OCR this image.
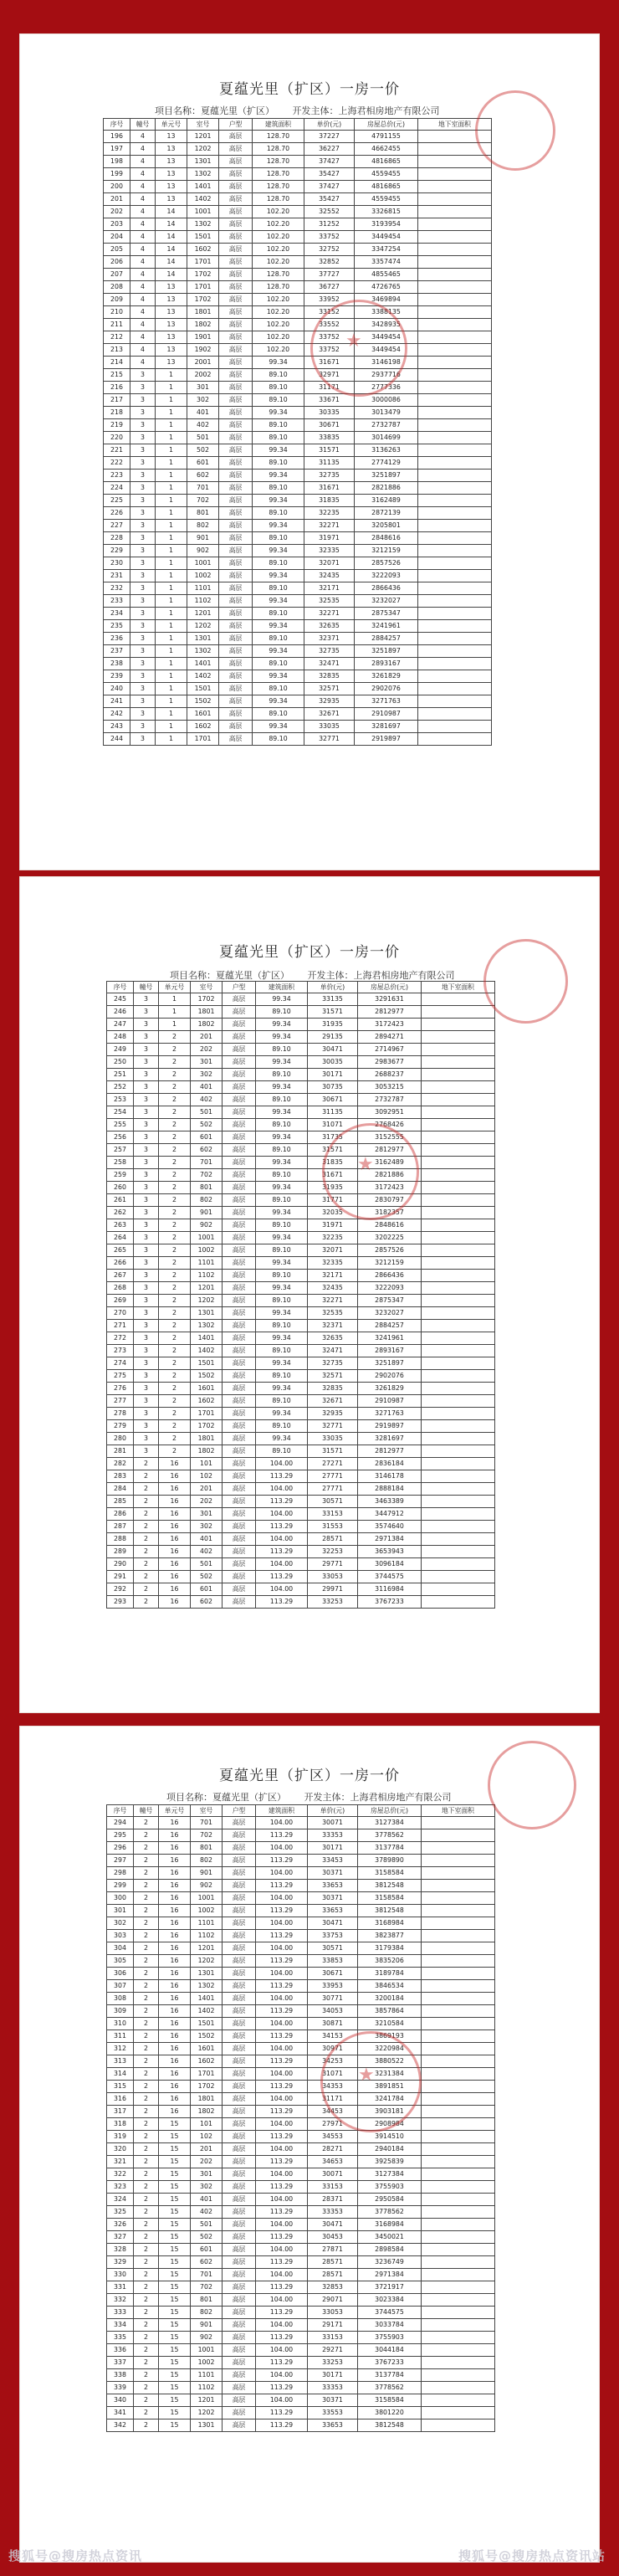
夏蕴光里（扩区）一房一价
项目名称：夏蕴光里（扩区） 开发主体：上海君相房地产有限公司
序号	幢号	单元号	室号	户型	建筑面积	单价(元)	房屋总价(元)	地下室面积
196	4	13	1201	高层	128.70	37227	4791155	
197	4	13	1202	高层	128.70	36227	4662455	
198	4	13	1301	高层	128.70	37427	4816865	
199	4	13	1302	高层	128.70	35427	4559455	
200	4	13	1401	高层	128.70	37427	4816865	
201	4	13	1402	高层	128.70	35427	4559455	
202	4	14	1001	高层	102.20	32552	3326815	
203	4	14	1302	高层	102.20	31252	3193954	
204	4	14	1501	高层	102.20	33752	3449454	
205	4	14	1602	高层	102.20	32752	3347254	
206	4	14	1701	高层	102.20	32852	3357474	
207	4	14	1702	高层	128.70	37727	4855465	
208	4	13	1701	高层	128.70	36727	4726765	
209	4	13	1702	高层	102.20	33952	3469894	
210	4	13	1801	高层	102.20	33152	3388135	
211	4	13	1802	高层	102.20	33552	3428935	
212	4	13	1901	高层	102.20	33752	3449454	
213	4	13	1902	高层	102.20	33752	3449454	
214	4	13	2001	高层	99.34	31671	3146198	
215	3	1	2002	高层	89.10	32971	2937716	
216	3	1	301	高层	89.10	31171	2777336	
217	3	1	302	高层	89.10	33671	3000086	
218	3	1	401	高层	99.34	30335	3013479	
219	3	1	402	高层	89.10	30671	2732787	
220	3	1	501	高层	89.10	33835	3014699	
221	3	1	502	高层	99.34	31571	3136263	
222	3	1	601	高层	89.10	31135	2774129	
223	3	1	602	高层	99.34	32735	3251897	
224	3	1	701	高层	89.10	31671	2821886	
225	3	1	702	高层	99.34	31835	3162489	
226	3	1	801	高层	89.10	32235	2872139	
227	3	1	802	高层	99.34	32271	3205801	
228	3	1	901	高层	89.10	31971	2848616	
229	3	1	902	高层	99.34	32335	3212159	
230	3	1	1001	高层	89.10	32071	2857526	
231	3	1	1002	高层	99.34	32435	3222093	
232	3	1	1101	高层	89.10	32171	2866436	
233	3	1	1102	高层	99.34	32535	3232027	
234	3	1	1201	高层	89.10	32271	2875347	
235	3	1	1202	高层	99.34	32635	3241961	
236	3	1	1301	高层	89.10	32371	2884257	
237	3	1	1302	高层	99.34	32735	3251897	
238	3	1	1401	高层	89.10	32471	2893167	
239	3	1	1402	高层	99.34	32835	3261829	
240	3	1	1501	高层	89.10	32571	2902076	
241	3	1	1502	高层	99.34	32935	3271763	
242	3	1	1601	高层	89.10	32671	2910987	
243	3	1	1602	高层	99.34	33035	3281697	
244	3	1	1701	高层	89.10	32771	2919897	
★
夏蕴光里（扩区）一房一价
项目名称：夏蕴光里（扩区） 开发主体：上海君相房地产有限公司
序号	幢号	单元号	室号	户型	建筑面积	单价(元)	房屋总价(元)	地下室面积
245	3	1	1702	高层	99.34	33135	3291631	
246	3	1	1801	高层	89.10	31571	2812977	
247	3	1	1802	高层	99.34	31935	3172423	
248	3	2	201	高层	99.34	29135	2894271	
249	3	2	202	高层	89.10	30471	2714967	
250	3	2	301	高层	99.34	30035	2983677	
251	3	2	302	高层	89.10	30171	2688237	
252	3	2	401	高层	99.34	30735	3053215	
253	3	2	402	高层	89.10	30671	2732787	
254	3	2	501	高层	99.34	31135	3092951	
255	3	2	502	高层	89.10	31071	2768426	
256	3	2	601	高层	99.34	31735	3152555	
257	3	2	602	高层	89.10	31571	2812977	
258	3	2	701	高层	99.34	31835	3162489	
259	3	2	702	高层	89.10	31671	2821886	
260	3	2	801	高层	99.34	31935	3172423	
261	3	2	802	高层	89.10	31771	2830797	
262	3	2	901	高层	99.34	32035	3182357	
263	3	2	902	高层	89.10	31971	2848616	
264	3	2	1001	高层	99.34	32235	3202225	
265	3	2	1002	高层	89.10	32071	2857526	
266	3	2	1101	高层	99.34	32335	3212159	
267	3	2	1102	高层	89.10	32171	2866436	
268	3	2	1201	高层	99.34	32435	3222093	
269	3	2	1202	高层	89.10	32271	2875347	
270	3	2	1301	高层	99.34	32535	3232027	
271	3	2	1302	高层	89.10	32371	2884257	
272	3	2	1401	高层	99.34	32635	3241961	
273	3	2	1402	高层	89.10	32471	2893167	
274	3	2	1501	高层	99.34	32735	3251897	
275	3	2	1502	高层	89.10	32571	2902076	
276	3	2	1601	高层	99.34	32835	3261829	
277	3	2	1602	高层	89.10	32671	2910987	
278	3	2	1701	高层	99.34	32935	3271763	
279	3	2	1702	高层	89.10	32771	2919897	
280	3	2	1801	高层	99.34	33035	3281697	
281	3	2	1802	高层	89.10	31571	2812977	
282	2	16	101	高层	104.00	27271	2836184	
283	2	16	102	高层	113.29	27771	3146178	
284	2	16	201	高层	104.00	27771	2888184	
285	2	16	202	高层	113.29	30571	3463389	
286	2	16	301	高层	104.00	33153	3447912	
287	2	16	302	高层	113.29	31553	3574640	
288	2	16	401	高层	104.00	28571	2971384	
289	2	16	402	高层	113.29	32253	3653943	
290	2	16	501	高层	104.00	29771	3096184	
291	2	16	502	高层	113.29	33053	3744575	
292	2	16	601	高层	104.00	29971	3116984	
293	2	16	602	高层	113.29	33253	3767233	
★
夏蕴光里（扩区）一房一价
项目名称：夏蕴光里（扩区） 开发主体：上海君相房地产有限公司
序号	幢号	单元号	室号	户型	建筑面积	单价(元)	房屋总价(元)	地下室面积
294	2	16	701	高层	104.00	30071	3127384	
295	2	16	702	高层	113.29	33353	3778562	
296	2	16	801	高层	104.00	30171	3137784	
297	2	16	802	高层	113.29	33453	3789890	
298	2	16	901	高层	104.00	30371	3158584	
299	2	16	902	高层	113.29	33653	3812548	
300	2	16	1001	高层	104.00	30371	3158584	
301	2	16	1002	高层	113.29	33653	3812548	
302	2	16	1101	高层	104.00	30471	3168984	
303	2	16	1102	高层	113.29	33753	3823877	
304	2	16	1201	高层	104.00	30571	3179384	
305	2	16	1202	高层	113.29	33853	3835206	
306	2	16	1301	高层	104.00	30671	3189784	
307	2	16	1302	高层	113.29	33953	3846534	
308	2	16	1401	高层	104.00	30771	3200184	
309	2	16	1402	高层	113.29	34053	3857864	
310	2	16	1501	高层	104.00	30871	3210584	
311	2	16	1502	高层	113.29	34153	3869193	
312	2	16	1601	高层	104.00	30971	3220984	
313	2	16	1602	高层	113.29	34253	3880522	
314	2	16	1701	高层	104.00	31071	3231384	
315	2	16	1702	高层	113.29	34353	3891851	
316	2	16	1801	高层	104.00	31171	3241784	
317	2	16	1802	高层	113.29	34453	3903181	
318	2	15	101	高层	104.00	27971	2908984	
319	2	15	102	高层	113.29	34553	3914510	
320	2	15	201	高层	104.00	28271	2940184	
321	2	15	202	高层	113.29	34653	3925839	
322	2	15	301	高层	104.00	30071	3127384	
323	2	15	302	高层	113.29	33153	3755903	
324	2	15	401	高层	104.00	28371	2950584	
325	2	15	402	高层	113.29	33353	3778562	
326	2	15	501	高层	104.00	30471	3168984	
327	2	15	502	高层	113.29	30453	3450021	
328	2	15	601	高层	104.00	27871	2898584	
329	2	15	602	高层	113.29	28571	3236749	
330	2	15	701	高层	104.00	28571	2971384	
331	2	15	702	高层	113.29	32853	3721917	
332	2	15	801	高层	104.00	29071	3023384	
333	2	15	802	高层	113.29	33053	3744575	
334	2	15	901	高层	104.00	29171	3033784	
335	2	15	902	高层	113.29	33153	3755903	
336	2	15	1001	高层	104.00	29271	3044184	
337	2	15	1002	高层	113.29	33253	3767233	
338	2	15	1101	高层	104.00	30171	3137784	
339	2	15	1102	高层	113.29	33353	3778562	
340	2	15	1201	高层	104.00	30371	3158584	
341	2	15	1202	高层	113.29	33553	3801220	
342	2	15	1301	高层	113.29	33653	3812548	
★
搜狐号@搜房热点资讯	搜狐号@搜房热点资讯站
